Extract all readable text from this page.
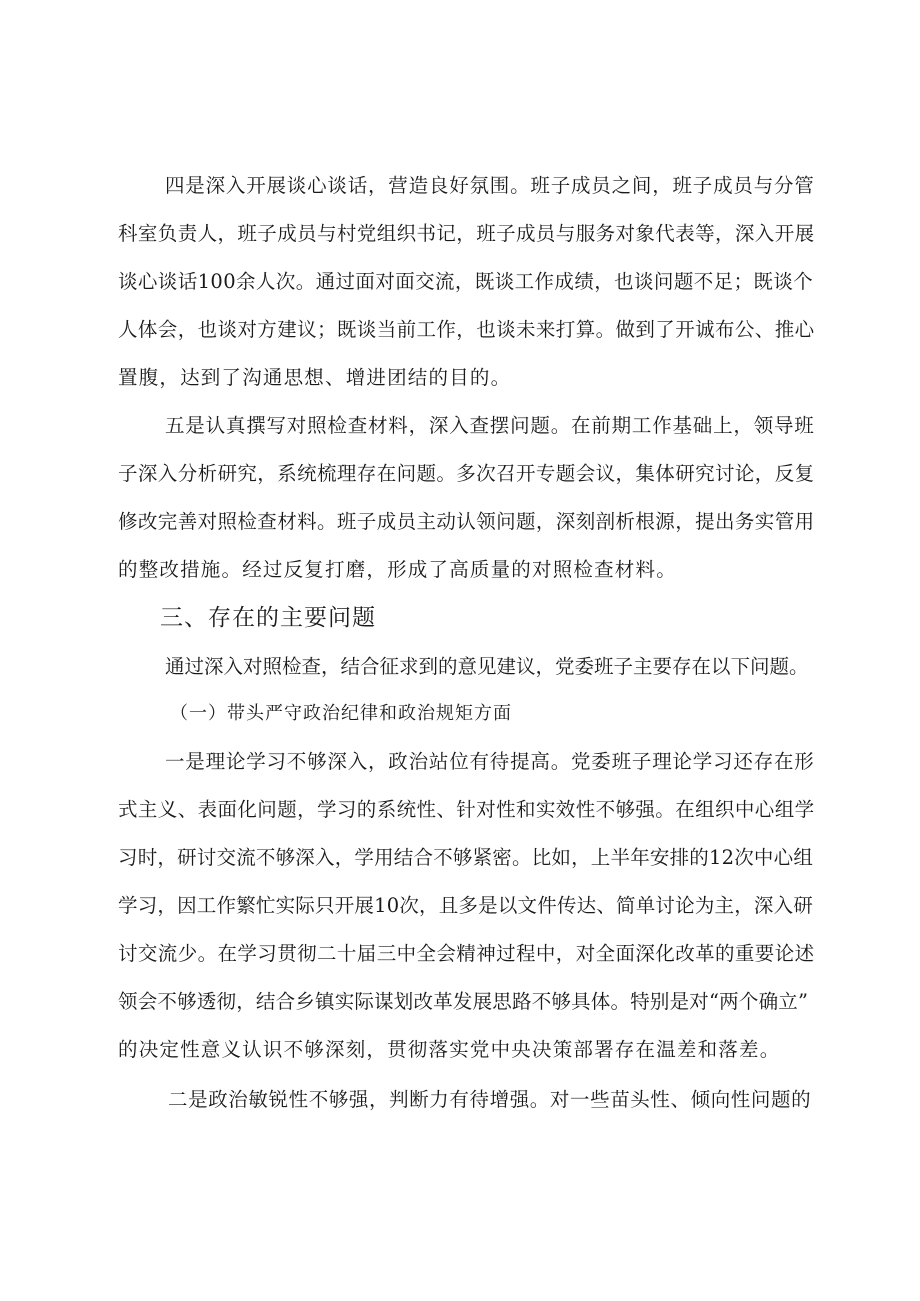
四是深入开展谈心谈话，营造良好氛围。班子成员之间，班子成员与分管
科室负责人，班子成员与村党组织书记，班子成员与服务对象代表等，深入开展
谈心谈话100余人次。通过面对面交流，既谈工作成绩，也谈问题不足；既谈个
人体会，也谈对方建议；既谈当前工作，也谈未来打算。做到了开诚布公、推心
置腹，达到了沟通思想、增进团结的目的。
五是认真撰写对照检查材料，深入查摆问题。在前期工作基础上，领导班
子深入分析研究，系统梳理存在问题。多次召开专题会议，集体研究讨论，反复
修改完善对照检查材料。班子成员主动认领问题，深刻剖析根源，提出务实管用
的整改措施。经过反复打磨，形成了高质量的对照检查材料。
三、存在的主要问题
通过深入对照检查，结合征求到的意见建议，党委班子主要存在以下问题。
（一）带头严守政治纪律和政治规矩方面
一是理论学习不够深入，政治站位有待提高。党委班子理论学习还存在形
式主义、表面化问题，学习的系统性、针对性和实效性不够强。在组织中心组学
习时，研讨交流不够深入，学用结合不够紧密。比如，上半年安排的12次中心组
学习，因工作繁忙实际只开展10次，且多是以文件传达、简单讨论为主，深入研
讨交流少。在学习贯彻二十届三中全会精神过程中，对全面深化改革的重要论述
领会不够透彻，结合乡镇实际谋划改革发展思路不够具体。特别是对“两个确立”
的决定性意义认识不够深刻，贯彻落实党中央决策部署存在温差和落差。
二是政治敏锐性不够强，判断力有待增强。对一些苗头性、倾向性问题的
